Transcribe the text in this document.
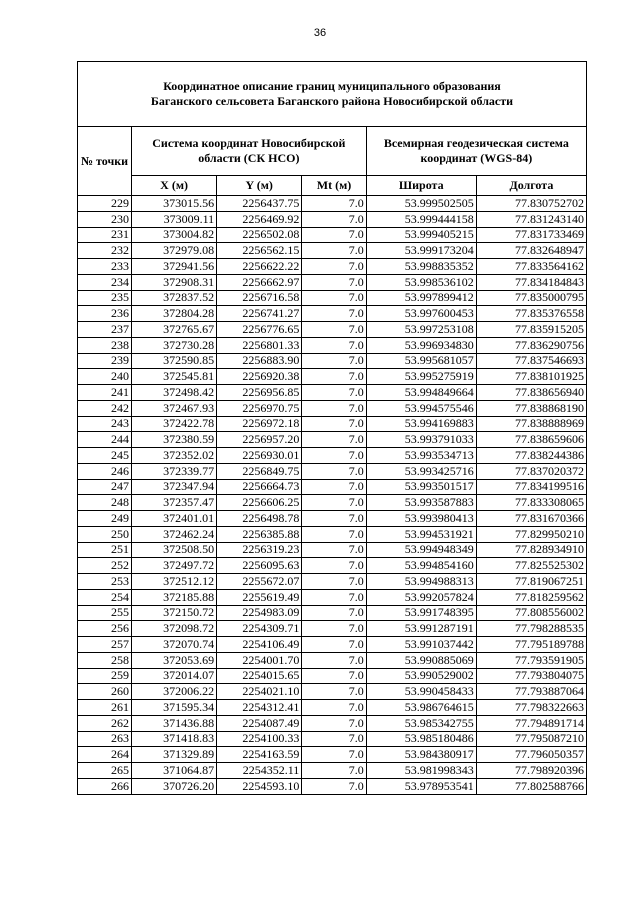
36
Координатное описание границ муниципального образования
Баганского сельсовета Баганского района Новосибирской области					

№ точки	Система координат Новосибирской области (СК НСО)			Всемирная геодезическая система координат (WGS-84)	
	X (м)	Y (м)	Mt (м)	Широта	Долгота
229	373015.56	2256437.75	7.0	53.999502505	77.830752702
230	373009.11	2256469.92	7.0	53.999444158	77.831243140
231	373004.82	2256502.08	7.0	53.999405215	77.831733469
232	372979.08	2256562.15	7.0	53.999173204	77.832648947
233	372941.56	2256622.22	7.0	53.998835352	77.833564162
234	372908.31	2256662.97	7.0	53.998536102	77.834184843
235	372837.52	2256716.58	7.0	53.997899412	77.835000795
236	372804.28	2256741.27	7.0	53.997600453	77.835376558
237	372765.67	2256776.65	7.0	53.997253108	77.835915205
238	372730.28	2256801.33	7.0	53.996934830	77.836290756
239	372590.85	2256883.90	7.0	53.995681057	77.837546693
240	372545.81	2256920.38	7.0	53.995275919	77.838101925
241	372498.42	2256956.85	7.0	53.994849664	77.838656940
242	372467.93	2256970.75	7.0	53.994575546	77.838868190
243	372422.78	2256972.18	7.0	53.994169883	77.838888969
244	372380.59	2256957.20	7.0	53.993791033	77.838659606
245	372352.02	2256930.01	7.0	53.993534713	77.838244386
246	372339.77	2256849.75	7.0	53.993425716	77.837020372
247	372347.94	2256664.73	7.0	53.993501517	77.834199516
248	372357.47	2256606.25	7.0	53.993587883	77.833308065
249	372401.01	2256498.78	7.0	53.993980413	77.831670366
250	372462.24	2256385.88	7.0	53.994531921	77.829950210
251	372508.50	2256319.23	7.0	53.994948349	77.828934910
252	372497.72	2256095.63	7.0	53.994854160	77.825525302
253	372512.12	2255672.07	7.0	53.994988313	77.819067251
254	372185.88	2255619.49	7.0	53.992057824	77.818259562
255	372150.72	2254983.09	7.0	53.991748395	77.808556002
256	372098.72	2254309.71	7.0	53.991287191	77.798288535
257	372070.74	2254106.49	7.0	53.991037442	77.795189788
258	372053.69	2254001.70	7.0	53.990885069	77.793591905
259	372014.07	2254015.65	7.0	53.990529002	77.793804075
260	372006.22	2254021.10	7.0	53.990458433	77.793887064
261	371595.34	2254312.41	7.0	53.986764615	77.798322663
262	371436.88	2254087.49	7.0	53.985342755	77.794891714
263	371418.83	2254100.33	7.0	53.985180486	77.795087210
264	371329.89	2254163.59	7.0	53.984380917	77.796050357
265	371064.87	2254352.11	7.0	53.981998343	77.798920396
266	370726.20	2254593.10	7.0	53.978953541	77.802588766
